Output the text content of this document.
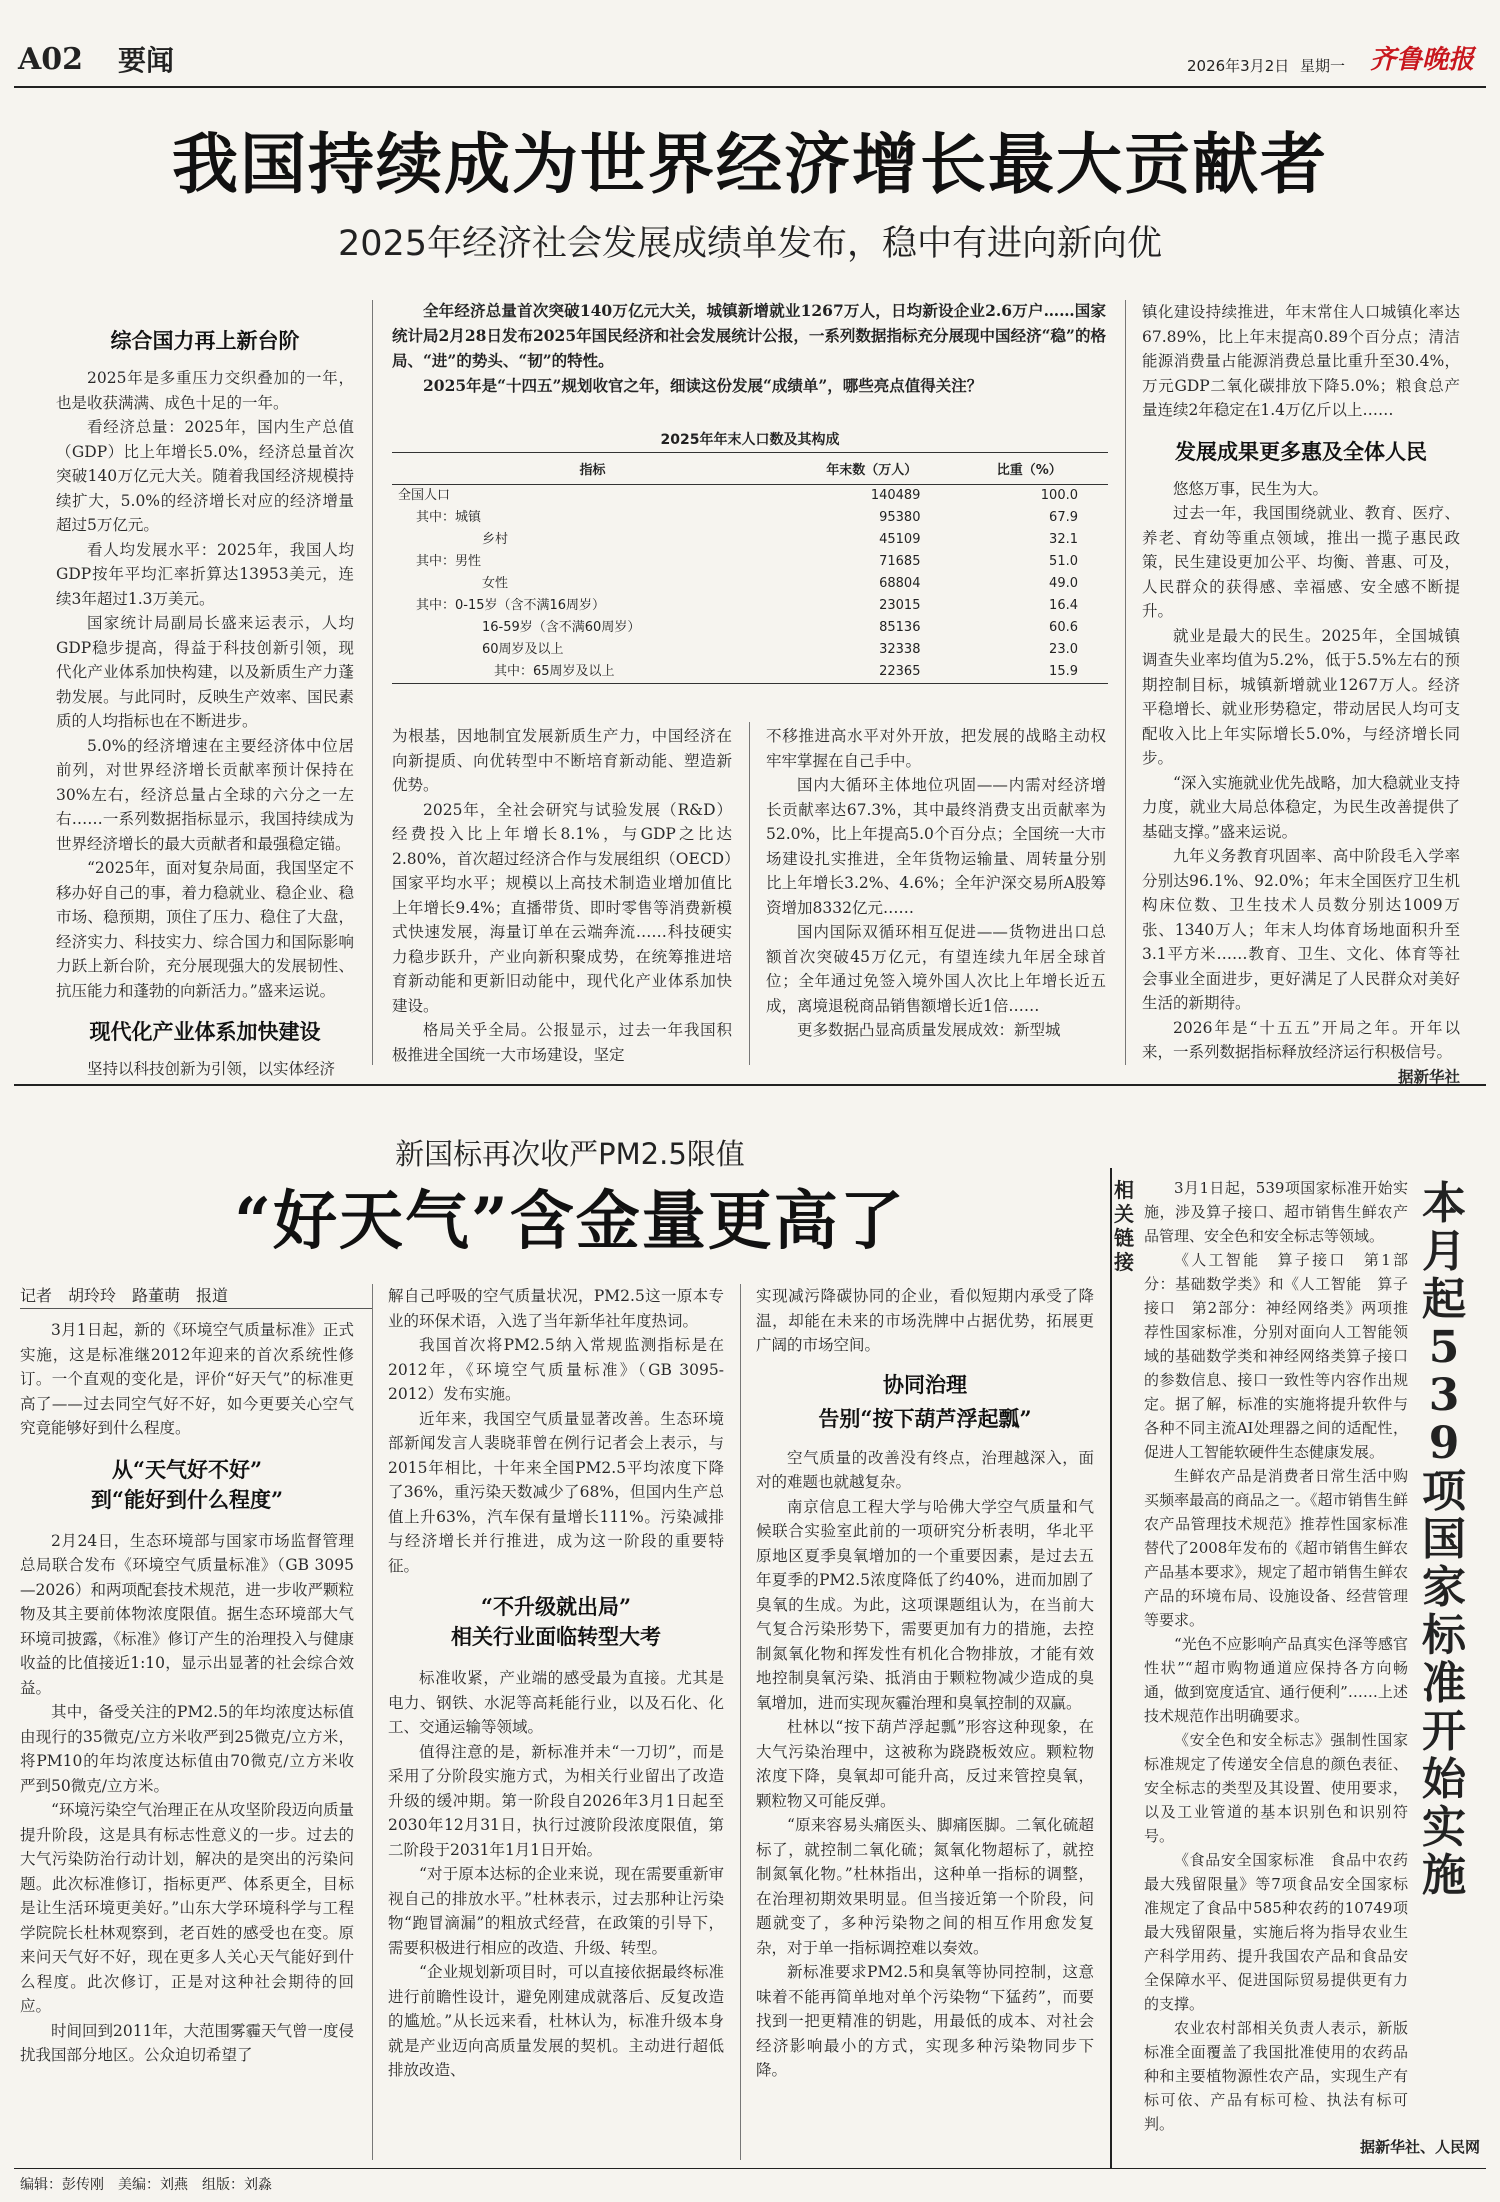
A02 要闻	2026年3月2日 星期一 齐鲁晚报
我国持续成为世界经济增长最大贡献者
2025年经济社会发展成绩单发布，稳中有进向新向优
综合国力再上新台阶

2025年是多重压力交织叠加的一年，也是收获满满、成色十足的一年。

看经济总量：2025年，国内生产总值（GDP）比上年增长5.0%，经济总量首次突破140万亿元大关。随着我国经济规模持续扩大，5.0%的经济增长对应的经济增量超过5万亿元。

看人均发展水平：2025年，我国人均GDP按年平均汇率折算达13953美元，连续3年超过1.3万美元。

国家统计局副局长盛来运表示，人均GDP稳步提高，得益于科技创新引领，现代化产业体系加快构建，以及新质生产力蓬勃发展。与此同时，反映生产效率、国民素质的人均指标也在不断进步。

5.0%的经济增速在主要经济体中位居前列，对世界经济增长贡献率预计保持在30%左右，经济总量占全球的六分之一左右……一系列数据指标显示，我国持续成为世界经济增长的最大贡献者和最强稳定锚。

“2025年，面对复杂局面，我国坚定不移办好自己的事，着力稳就业、稳企业、稳市场、稳预期，顶住了压力、稳住了大盘，经济实力、科技实力、综合国力和国际影响力跃上新台阶，充分展现强大的发展韧性、抗压能力和蓬勃的向新活力。”盛来运说。

现代化产业体系加快建设

坚持以科技创新为引领，以实体经济

全年经济总量首次突破140万亿元大关，城镇新增就业1267万人，日均新设企业2.6万户……国家统计局2月28日发布2025年国民经济和社会发展统计公报，一系列数据指标充分展现中国经济“稳”的格局、“进”的势头、“韧”的特性。
2025年是“十四五”规划收官之年，细读这份发展“成绩单”，哪些亮点值得关注？
2025年年末人口数及其构成
指标	年末数（万人）	比重（%）
全国人口	140489	100.0
其中：城镇	95380	67.9
乡村	45109	32.1
其中：男性	71685	51.0
女性	68804	49.0
其中：0-15岁（含不满16周岁）	23015	16.4
16-59岁（含不满60周岁）	85136	60.6
60周岁及以上	32338	23.0
其中：65周岁及以上	22365	15.9

为根基，因地制宜发展新质生产力，中国经济在向新提质、向优转型中不断培育新动能、塑造新优势。

2025年，全社会研究与试验发展（R&D）经费投入比上年增长8.1%，与GDP之比达2.80%，首次超过经济合作与发展组织（OECD）国家平均水平；规模以上高技术制造业增加值比上年增长9.4%；直播带货、即时零售等消费新模式快速发展，海量订单在云端奔流……科技硬实力稳步跃升，产业向新积聚成势，在统筹推进培育新动能和更新旧动能中，现代化产业体系加快建设。

格局关乎全局。公报显示，过去一年我国积极推进全国统一大市场建设，坚定

不移推进高水平对外开放，把发展的战略主动权牢牢掌握在自己手中。

国内大循环主体地位巩固——内需对经济增长贡献率达67.3%，其中最终消费支出贡献率为52.0%，比上年提高5.0个百分点；全国统一大市场建设扎实推进，全年货物运输量、周转量分别比上年增长3.2%、4.6%；全年沪深交易所A股筹资增加8332亿元……

国内国际双循环相互促进——货物进出口总额首次突破45万亿元，有望连续九年居全球首位；全年通过免签入境外国人次比上年增长近五成，离境退税商品销售额增长近1倍……

更多数据凸显高质量发展成效：新型城

镇化建设持续推进，年末常住人口城镇化率达67.89%，比上年末提高0.89个百分点；清洁能源消费量占能源消费总量比重升至30.4%，万元GDP二氧化碳排放下降5.0%；粮食总产量连续2年稳定在1.4万亿斤以上……

发展成果更多惠及全体人民

悠悠万事，民生为大。

过去一年，我国围绕就业、教育、医疗、养老、育幼等重点领域，推出一揽子惠民政策，民生建设更加公平、均衡、普惠、可及，人民群众的获得感、幸福感、安全感不断提升。

就业是最大的民生。2025年，全国城镇调查失业率均值为5.2%，低于5.5%左右的预期控制目标，城镇新增就业1267万人。经济平稳增长、就业形势稳定，带动居民人均可支配收入比上年实际增长5.0%，与经济增长同步。

“深入实施就业优先战略，加大稳就业支持力度，就业大局总体稳定，为民生改善提供了基础支撑。”盛来运说。

九年义务教育巩固率、高中阶段毛入学率分别达96.1%、92.0%；年末全国医疗卫生机构床位数、卫生技术人员数分别达1009万张、1340万人；年末人均体育场地面积升至3.1平方米……教育、卫生、文化、体育等社会事业全面进步，更好满足了人民群众对美好生活的新期待。

2026年是“十五五”开局之年。开年以来，一系列数据指标释放经济运行积极信号。

据新华社
新国标再次收严PM2.5限值
“好天气”含金量更高了
记者　胡玲玲　路董萌　报道

3月1日起，新的《环境空气质量标准》正式实施，这是标准继2012年迎来的首次系统性修订。一个直观的变化是，评价“好天气”的标准更高了——过去同空气好不好，如今更要关心空气究竟能够好到什么程度。

从“天气好不好”
到“能好到什么程度”

2月24日，生态环境部与国家市场监督管理总局联合发布《环境空气质量标准》（GB 3095—2026）和两项配套技术规范，进一步收严颗粒物及其主要前体物浓度限值。据生态环境部大气环境司披露，《标准》修订产生的治理投入与健康收益的比值接近1:10，显示出显著的社会综合效益。

其中，备受关注的PM2.5的年均浓度达标值由现行的35微克/立方米收严到25微克/立方米，将PM10的年均浓度达标值由70微克/立方米收严到50微克/立方米。

“环境污染空气治理正在从攻坚阶段迈向质量提升阶段，这是具有标志性意义的一步。过去的大气污染防治行动计划，解决的是突出的污染问题。此次标准修订，指标更严、体系更全，目标是让生活环境更美好。”山东大学环境科学与工程学院院长杜林观察到，老百姓的感受也在变。原来问天气好不好，现在更多人关心天气能好到什么程度。此次修订，正是对这种社会期待的回应。

时间回到2011年，大范围雾霾天气曾一度侵扰我国部分地区。公众迫切希望了

解自己呼吸的空气质量状况，PM2.5这一原本专业的环保术语，入选了当年新华社年度热词。

我国首次将PM2.5纳入常规监测指标是在2012年，《环境空气质量标准》（GB 3095-2012）发布实施。

近年来，我国空气质量显著改善。生态环境部新闻发言人裴晓菲曾在例行记者会上表示，与2015年相比，十年来全国PM2.5平均浓度下降了36%，重污染天数减少了68%，但国内生产总值上升63%，汽车保有量增长111%。污染减排与经济增长并行推进，成为这一阶段的重要特征。

“不升级就出局”
相关行业面临转型大考

标准收紧，产业端的感受最为直接。尤其是电力、钢铁、水泥等高耗能行业，以及石化、化工、交通运输等领域。

值得注意的是，新标准并未“一刀切”，而是采用了分阶段实施方式，为相关行业留出了改造升级的缓冲期。第一阶段自2026年3月1日起至2030年12月31日，执行过渡阶段浓度限值，第二阶段于2031年1月1日开始。

“对于原本达标的企业来说，现在需要重新审视自己的排放水平。”杜林表示，过去那种让污染物“跑冒滴漏”的粗放式经营，在政策的引导下，需要积极进行相应的改造、升级、转型。

“企业规划新项目时，可以直接依据最终标准进行前瞻性设计，避免刚建成就落后、反复改造的尴尬。”从长远来看，杜林认为，标准升级本身就是产业迈向高质量发展的契机。主动进行超低排放改造、

实现减污降碳协同的企业，看似短期内承受了降温，却能在未来的市场洗牌中占据优势，拓展更广阔的市场空间。

协同治理
告别“按下葫芦浮起瓢”

空气质量的改善没有终点，治理越深入，面对的难题也就越复杂。

南京信息工程大学与哈佛大学空气质量和气候联合实验室此前的一项研究分析表明，华北平原地区夏季臭氧增加的一个重要因素，是过去五年夏季的PM2.5浓度降低了约40%，进而加剧了臭氧的生成。为此，这项课题组认为，在当前大气复合污染形势下，需要更加有力的措施，去控制氮氧化物和挥发性有机化合物排放，才能有效地控制臭氧污染、抵消由于颗粒物减少造成的臭氧增加，进而实现灰霾治理和臭氧控制的双赢。

杜林以“按下葫芦浮起瓢”形容这种现象，在大气污染治理中，这被称为跷跷板效应。颗粒物浓度下降，臭氧却可能升高，反过来管控臭氧，颗粒物又可能反弹。

“原来容易头痛医头、脚痛医脚。二氧化硫超标了，就控制二氧化硫；氮氧化物超标了，就控制氮氧化物。”杜林指出，这种单一指标的调整，在治理初期效果明显。但当接近第一个阶段，问题就变了，多种污染物之间的相互作用愈发复杂，对于单一指标调控难以奏效。

新标准要求PM2.5和臭氧等协同控制，这意味着不能再简单地对单个污染物“下猛药”，而要找到一把更精准的钥匙，用最低的成本、对社会经济影响最小的方式，实现多种污染物同步下降。

相关链接

3月1日起，539项国家标准开始实施，涉及算子接口、超市销售生鲜农产品管理、安全色和安全标志等领域。

《人工智能　算子接口　第1部分：基础数学类》和《人工智能　算子接口　第2部分：神经网络类》两项推荐性国家标准，分别对面向人工智能领域的基础数学类和神经网络类算子接口的参数信息、接口一致性等内容作出规定。据了解，标准的实施将提升软件与各种不同主流AI处理器之间的适配性，促进人工智能软硬件生态健康发展。

生鲜农产品是消费者日常生活中购买频率最高的商品之一。《超市销售生鲜农产品管理技术规范》推荐性国家标准替代了2008年发布的《超市销售生鲜农产品基本要求》，规定了超市销售生鲜农产品的环境布局、设施设备、经营管理等要求。

“光色不应影响产品真实色泽等感官性状”“超市购物通道应保持各方向畅通，做到宽度适宜、通行便利”……上述技术规范作出明确要求。

《安全色和安全标志》强制性国家标准规定了传递安全信息的颜色表征、安全标志的类型及其设置、使用要求，以及工业管道的基本识别色和识别符号。

《食品安全国家标准　食品中农药最大残留限量》等7项食品安全国家标准规定了食品中585种农药的10749项最大残留限量，实施后将为指导农业生产科学用药、提升我国农产品和食品安全保障水平、促进国际贸易提供更有力的支撑。

农业农村部相关负责人表示，新版标准全面覆盖了我国批准使用的农药品种和主要植物源性农产品，实现生产有标可依、产品有标可检、执法有标可判。

据新华社、人民网
本月起539项国家标准开始实施
编辑：彭传刚　美编：刘燕　组版：刘淼
